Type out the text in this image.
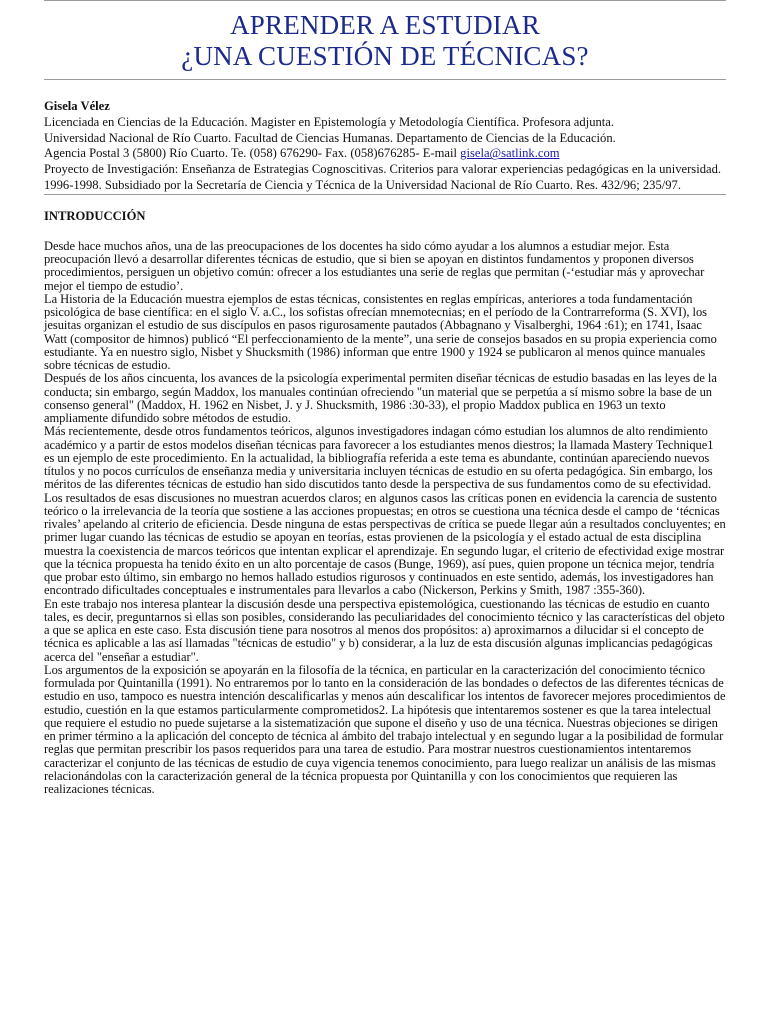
APRENDER A ESTUDIAR
¿UNA CUESTIÓN DE TÉCNICAS?
Gisela Vélez
Licenciada en Ciencias de la Educación. Magister en Epistemología y Metodología Científica. Profesora adjunta.
Universidad Nacional de Río Cuarto. Facultad de Ciencias Humanas. Departamento de Ciencias de la Educación.
Agencia Postal 3 (5800) Río Cuarto. Te. (058) 676290- Fax. (058)676285- E-mail gisela@satlink.com
Proyecto de Investigación: Enseñanza de Estrategias Cognoscitivas. Criterios para valorar experiencias pedagógicas en la universidad. 1996-1998. Subsidiado por la Secretaría de Ciencia y Técnica de la Universidad Nacional de Río Cuarto. Res. 432/96; 235/97.
INTRODUCCIÓN

Desde hace muchos años, una de las preocupaciones de los docentes ha sido cómo ayudar a los alumnos a estudiar mejor. Esta preocupación llevó a desarrollar diferentes técnicas de estudio, que si bien se apoyan en distintos fundamentos y proponen diversos procedimientos, persiguen un objetivo común: ofrecer a los estudiantes una serie de reglas que permitan (-‘estudiar más y aprovechar mejor el tiempo de estudio’.

La Historia de la Educación muestra ejemplos de estas técnicas, consistentes en reglas empíricas, anteriores a toda fundamentación psicológica de base científica: en el siglo V. a.C., los sofistas ofrecían mnemotecnias; en el período de la Contrarreforma (S. XVI), los jesuitas organizan el estudio de sus discípulos en pasos rigurosamente pautados (Abbagnano y Visalberghi, 1964 :61); en 1741, Isaac Watt (compositor de himnos) publicó “El perfeccionamiento de la mente”, una serie de consejos basados en su propia experiencia como estudiante. Ya en nuestro siglo, Nisbet y Shucksmith (1986) informan que entre 1900 y 1924 se publicaron al menos quince manuales sobre técnicas de estudio.

Después de los años cincuenta, los avances de la psicología experimental permiten diseñar técnicas de estudio basadas en las leyes de la conducta; sin embargo, según Maddox, los manuales continúan ofreciendo "un material que se perpetúa a sí mismo sobre la base de un consenso general" (Maddox, H. 1962 en Nisbet, J. y J. Shucksmith, 1986 :30-33), el propio Maddox publica en 1963 un texto ampliamente difundido sobre métodos de estudio.

Más recientemente, desde otros fundamentos teóricos, algunos investigadores indagan cómo estudian los alumnos de alto rendimiento académico y a partir de estos modelos diseñan técnicas para favorecer a los estudiantes menos diestros; la llamada Mastery Technique1 es un ejemplo de este procedimiento. En la actualidad, la bibliografía referida a este tema es abundante, continúan apareciendo nuevos títulos y no pocos currículos de enseñanza media y universitaria incluyen técnicas de estudio en su oferta pedagógica. Sin embargo, los méritos de las diferentes técnicas de estudio han sido discutidos tanto desde la perspectiva de sus fundamentos como de su efectividad. Los resultados de esas discusiones no muestran acuerdos claros; en algunos casos las críticas ponen en evidencia la carencia de sustento teórico o la irrelevancia de la teoría que sostiene a las acciones propuestas; en otros se cuestiona una técnica desde el campo de ‘técnicas rivales’ apelando al criterio de eficiencia. Desde ninguna de estas perspectivas de crítica se puede llegar aún a resultados concluyentes; en primer lugar cuando las técnicas de estudio se apoyan en teorías, estas provienen de la psicología y el estado actual de esta disciplina muestra la coexistencia de marcos teóricos que intentan explicar el aprendizaje. En segundo lugar, el criterio de efectividad exige mostrar que la técnica propuesta ha tenido éxito en un alto porcentaje de casos (Bunge, 1969), así pues, quien propone un técnica mejor, tendría que probar esto último, sin embargo no hemos hallado estudios rigurosos y continuados en este sentido, además, los investigadores han encontrado dificultades conceptuales e instrumentales para llevarlos a cabo (Nickerson, Perkins y Smith, 1987 :355-360).

En este trabajo nos interesa plantear la discusión desde una perspectiva epistemológica, cuestionando las técnicas de estudio en cuanto tales, es decir, preguntarnos si ellas son posibles, considerando las peculiaridades del conocimiento técnico y las características del objeto a que se aplica en este caso. Esta discusión tiene para nosotros al menos dos propósitos: a) aproximarnos a dilucidar si el concepto de técnica es aplicable a las así llamadas "técnicas de estudio" y b) considerar, a la luz de esta discusión algunas implicancias pedagógicas acerca del "enseñar a estudiar".

Los argumentos de la exposición se apoyarán en la filosofía de la técnica, en particular en la caracterización del conocimiento técnico formulada por Quintanilla (1991). No entraremos por lo tanto en la consideración de las bondades o defectos de las diferentes técnicas de estudio en uso, tampoco es nuestra intención descalificarlas y menos aún descalificar los intentos de favorecer mejores procedimientos de estudio, cuestión en la que estamos particularmente comprometidos2. La hipótesis que intentaremos sostener es que la tarea intelectual que requiere el estudio no puede sujetarse a la sistematización que supone el diseño y uso de una técnica. Nuestras objeciones se dirigen en primer término a la aplicación del concepto de técnica al ámbito del trabajo intelectual y en segundo lugar a la posibilidad de formular reglas que permitan prescribir los pasos requeridos para una tarea de estudio. Para mostrar nuestros cuestionamientos intentaremos caracterizar el conjunto de las técnicas de estudio de cuya vigencia tenemos conocimiento, para luego realizar un análisis de las mismas relacionándolas con la caracterización general de la técnica propuesta por Quintanilla y con los conocimientos que requieren las realizaciones técnicas.
